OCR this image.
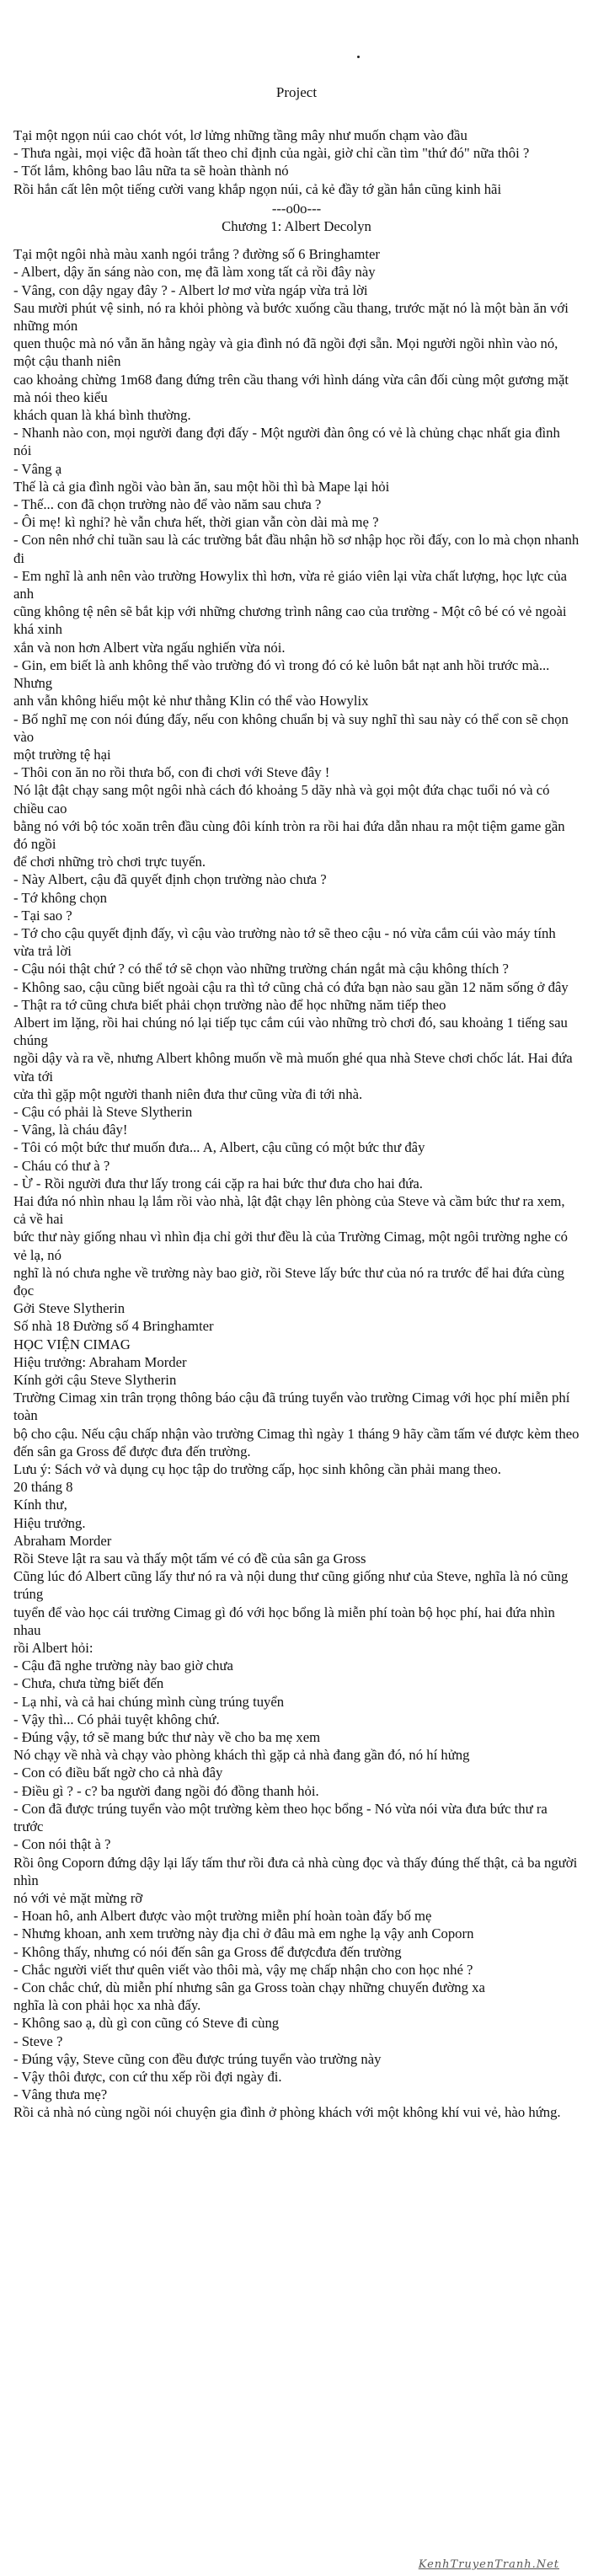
Project

Tại một ngọn núi cao chót vót, lơ lửng những tầng mây như muốn chạm vào đầu

- Thưa ngài, mọi việc đã hoàn tất theo chỉ định của ngài, giờ chỉ cần tìm "thứ đó" nữa thôi ?

- Tốt lắm, không bao lâu nữa ta sẽ hoàn thành nó

Rồi hắn cất lên một tiếng cười vang khắp ngọn núi, cả kẻ đầy tớ gần hắn cũng kinh hãi

---o0o---

Chương 1: Albert Decolyn

Tại một ngôi nhà màu xanh ngói trắng ? đường số 6 Bringhamter

- Albert, dậy ăn sáng nào con, mẹ đã làm xong tất cả rồi đây này

- Vâng, con dậy ngay đây ? - Albert lơ mơ vừa ngáp vừa trả lời

Sau mười phút vệ sinh, nó ra khỏi phòng và bước xuống cầu thang, trước mặt nó là một bàn ăn với những món

quen thuộc mà nó vẫn ăn hằng ngày và gia đình nó đã ngồi đợi sẵn. Mọi người ngồi nhìn vào nó, một cậu thanh niên

cao khoảng chừng 1m68 đang đứng trên cầu thang với hình dáng vừa cân đối cùng một gương mặt mà nói theo kiểu

khách quan là khá bình thường.

- Nhanh nào con, mọi người đang đợi đấy - Một người đàn ông có vẻ là chủng chạc nhất gia đình nói

- Vâng ạ

Thế là cả gia đình ngồi vào bàn ăn, sau một hồi thì bà Mape lại hỏi

- Thế... con đã chọn trường nào để vào năm sau chưa ?

- Ôi mẹ! kì nghỉ? hè vẫn chưa hết, thời gian vẫn còn dài mà mẹ ?

- Con nên nhớ chỉ tuần sau là các trường bắt đầu nhận hồ sơ nhập học rồi đấy, con lo mà chọn nhanh đi

- Em nghĩ là anh nên vào trường Howylix thì hơn, vừa rẻ giáo viên lại vừa chất lượng, học lực của anh

cũng không tệ nên sẽ bắt kịp với những chương trình nâng cao của trường - Một cô bé có vẻ ngoài khá xinh

xắn và non hơn Albert vừa ngấu nghiến vừa nói.

- Gin, em biết là anh không thể vào trường đó vì trong đó có kẻ luôn bắt nạt anh hồi trước mà... Nhưng

anh vẫn không hiểu một kẻ như thằng Klin có thể vào Howylix

- Bố nghĩ mẹ con nói đúng đấy, nếu con không chuẩn bị và suy nghĩ thì sau này có thể con sẽ chọn vào

một trường tệ hại

- Thôi con ăn no rồi thưa bố, con đi chơi với Steve đây !

Nó lật đật chạy sang một ngôi nhà cách đó khoảng 5 dãy nhà và gọi một đứa chạc tuổi nó và có chiều cao

bằng nó với bộ tóc xoăn trên đầu cùng đôi kính tròn ra rồi hai đứa dẫn nhau ra một tiệm game gần đó ngồi

để chơi những trò chơi trực tuyến.

- Này Albert, cậu đã quyết định chọn trường nào chưa ?

- Tớ không chọn

- Tại sao ?

- Tớ cho cậu quyết định đấy, vì cậu vào trường nào tớ sẽ theo cậu - nó vừa cắm cúi vào máy tính vừa trả lời

- Cậu nói thật chứ ? có thể tớ sẽ chọn vào những trường chán ngắt mà cậu không thích ?

- Không sao, cậu cũng biết ngoài cậu ra thì tớ cũng chả có đứa bạn nào sau gần 12 năm sống ở đây

- Thật ra tớ cũng chưa biết phải chọn trường nào để học những năm tiếp theo

Albert im lặng, rồi hai chúng nó lại tiếp tục cắm cúi vào những trò chơi đó, sau khoảng 1 tiếng sau chúng

ngồi dậy và ra về, nhưng Albert không muốn về mà muốn ghé qua nhà Steve chơi chốc lát. Hai đứa vừa tới

cửa thì gặp một người thanh niên đưa thư cũng vừa đi tới nhà.

- Cậu có phải là Steve Slytherin

- Vâng, là cháu đây!

- Tôi có một bức thư muốn đưa... A, Albert, cậu cũng có một bức thư đây

- Cháu có thư à ?

- Ừ - Rồi người đưa thư lấy trong cái cặp ra hai bức thư đưa cho hai đứa.

Hai đứa nó nhìn nhau lạ lắm rồi vào nhà, lật đật chạy lên phòng của Steve và cầm bức thư ra xem, cả về hai

bức thư này giống nhau vì nhìn địa chỉ gởi thư đều là của Trường Cimag, một ngôi trường nghe có vẻ lạ, nó

nghĩ là nó chưa nghe về trường này bao giờ, rồi Steve lấy bức thư của nó ra trước để hai đứa cùng đọc

Gởi Steve Slytherin

Số nhà 18 Đường số 4 Bringhamter

HỌC VIỆN CIMAG

Hiệu trưởng: Abraham Morder

Kính gởi cậu Steve Slytherin

Trường Cimag xin trân trọng thông báo cậu đã trúng tuyển vào trường Cimag với học phí miễn phí toàn

bộ cho cậu. Nếu cậu chấp nhận vào trường Cimag thì ngày 1 tháng 9 hãy cầm tấm vé được kèm theo

đến sân ga Gross để được đưa đến trường.

Lưu ý: Sách vở và dụng cụ học tập do trường cấp, học sinh không cần phải mang theo.

20 tháng 8

Kính thư,

Hiệu trưởng.

Abraham Morder

Rồi Steve lật ra sau và thấy một tấm vé có đề của sân ga Gross

Cũng lúc đó Albert cũng lấy thư nó ra và nội dung thư cũng giống như của Steve, nghĩa là nó cũng trúng

tuyển để vào học cái trường Cimag gì đó với học bổng là miễn phí toàn bộ học phí, hai đứa nhìn nhau

rồi Albert hỏi:

- Cậu đã nghe trường này bao giờ chưa

- Chưa, chưa từng biết đến

- Lạ nhỉ, và cả hai chúng mình cùng trúng tuyển

- Vậy thì... Có phải tuyệt không chứ.

- Đúng vậy, tớ sẽ mang bức thư này về cho ba mẹ xem

Nó chạy về nhà và chạy vào phòng khách thì gặp cả nhà đang gần đó, nó hí hửng

- Con có điều bất ngờ cho cả nhà đây

- Điều gì ? - c? ba người đang ngồi đó đồng thanh hỏi.

- Con đã được trúng tuyển vào một trường kèm theo học bổng - Nó vừa nói vừa đưa bức thư ra trước

- Con nói thật à ?

Rồi ông Coporn đứng dậy lại lấy tấm thư rồi đưa cả nhà cùng đọc và thấy đúng thế thật, cả ba người nhìn

nó với vẻ mặt mừng rỡ

- Hoan hô, anh Albert được vào một trường miễn phí hoàn toàn đấy bố mẹ

- Nhưng khoan, anh xem trường này địa chỉ ở đâu mà em nghe lạ vậy anh Coporn

- Không thấy, nhưng có nói đến sân ga Gross để đượcđưa đến trường

- Chắc người viết thư quên viết vào thôi mà, vậy mẹ chấp nhận cho con học nhé ?

- Con chắc chứ, dù miễn phí nhưng sân ga Gross toàn chạy những chuyến đường xa

nghĩa là con phải học xa nhà đấy.

- Không sao ạ, dù gì con cũng có Steve đi cùng

- Steve ?

- Đúng vậy, Steve cũng con đều được trúng tuyển vào trường này

- Vậy thôi được, con cứ thu xếp rồi đợi ngày đi.

- Vâng thưa mẹ?

Rồi cả nhà nó cùng ngồi nói chuyện gia đình ở phòng khách với một không khí vui vẻ, hào hứng.

KenhTruyenTranh.Net
